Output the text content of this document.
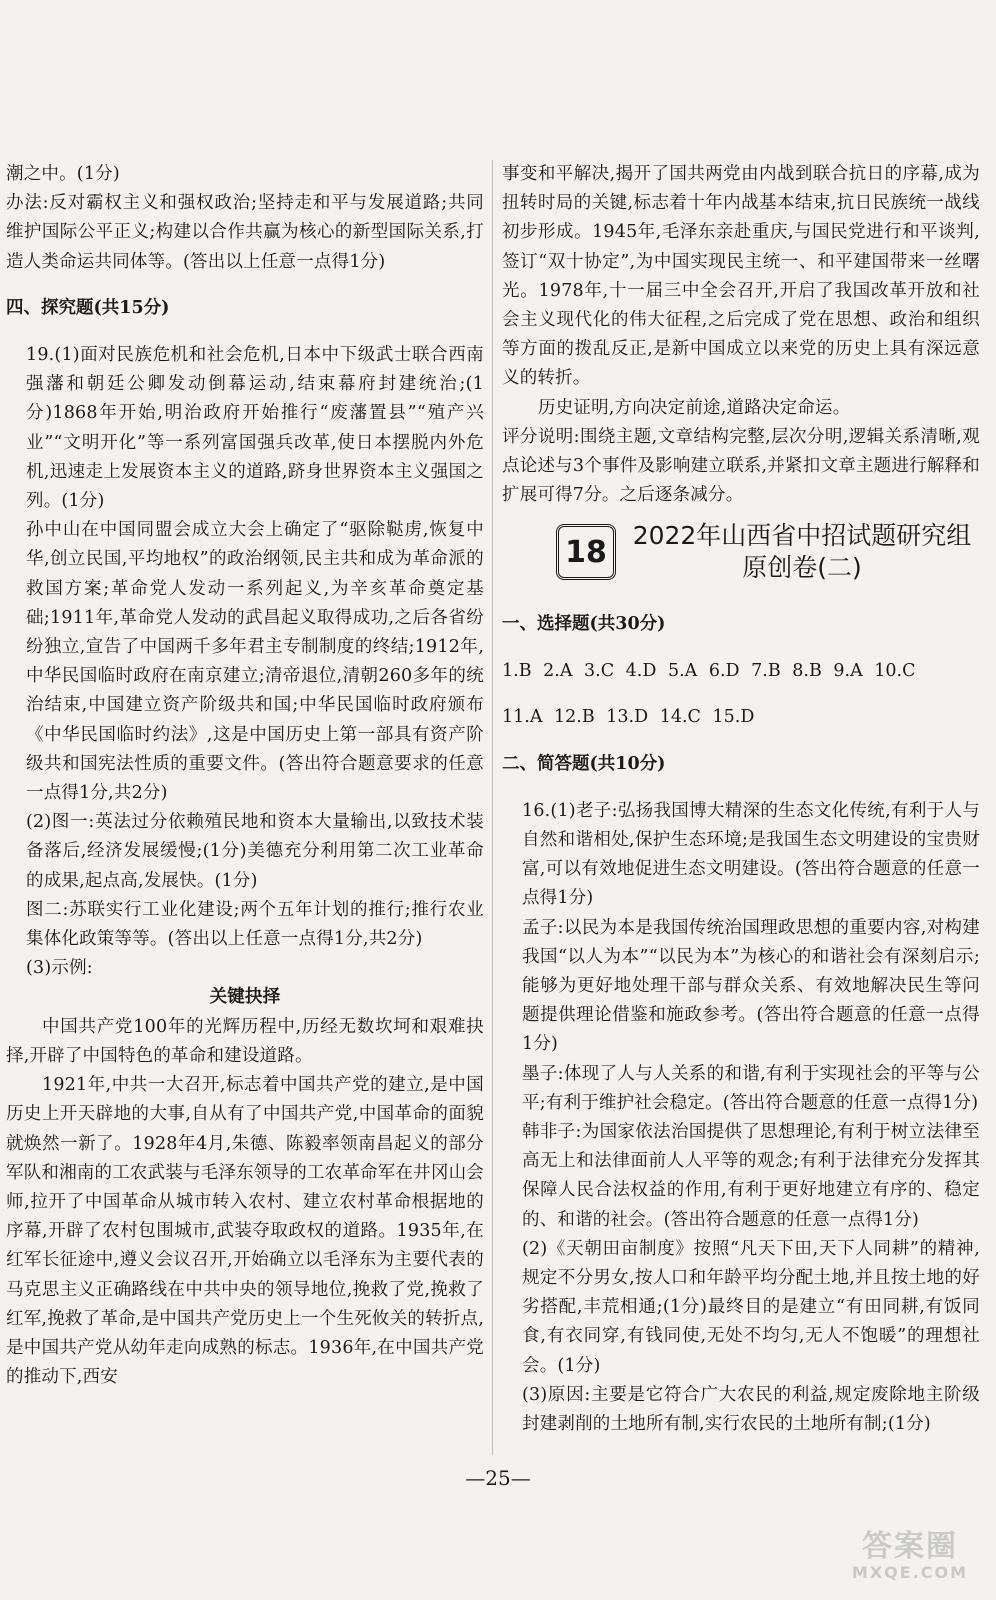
潮之中。(1分)

办法:反对霸权主义和强权政治;坚持走和平与发展道路;共同维护国际公平正义;构建以合作共赢为核心的新型国际关系,打造人类命运共同体等。(答出以上任意一点得1分)

四、探究题(共15分)

19.(1)面对民族危机和社会危机,日本中下级武士联合西南强藩和朝廷公卿发动倒幕运动,结束幕府封建统治;(1分)1868年开始,明治政府开始推行“废藩置县”“殖产兴业”“文明开化”等一系列富国强兵改革,使日本摆脱内外危机,迅速走上发展资本主义的道路,跻身世界资本主义强国之列。(1分)

孙中山在中国同盟会成立大会上确定了“驱除鞑虏,恢复中华,创立民国,平均地权”的政治纲领,民主共和成为革命派的救国方案;革命党人发动一系列起义,为辛亥革命奠定基础;1911年,革命党人发动的武昌起义取得成功,之后各省纷纷独立,宣告了中国两千多年君主专制制度的终结;1912年,中华民国临时政府在南京建立;清帝退位,清朝260多年的统治结束,中国建立资产阶级共和国;中华民国临时政府颁布《中华民国临时约法》,这是中国历史上第一部具有资产阶级共和国宪法性质的重要文件。(答出符合题意要求的任意一点得1分,共2分)

(2)图一:英法过分依赖殖民地和资本大量输出,以致技术装备落后,经济发展缓慢;(1分)美德充分利用第二次工业革命的成果,起点高,发展快。(1分)

图二:苏联实行工业化建设;两个五年计划的推行;推行农业集体化政策等等。(答出以上任意一点得1分,共2分)

(3)示例:

关键抉择

中国共产党100年的光辉历程中,历经无数坎坷和艰难抉择,开辟了中国特色的革命和建设道路。

1921年,中共一大召开,标志着中国共产党的建立,是中国历史上开天辟地的大事,自从有了中国共产党,中国革命的面貌就焕然一新了。1928年4月,朱德、陈毅率领南昌起义的部分军队和湘南的工农武装与毛泽东领导的工农革命军在井冈山会师,拉开了中国革命从城市转入农村、建立农村革命根据地的序幕,开辟了农村包围城市,武装夺取政权的道路。1935年,在红军长征途中,遵义会议召开,开始确立以毛泽东为主要代表的马克思主义正确路线在中共中央的领导地位,挽救了党,挽救了红军,挽救了革命,是中国共产党历史上一个生死攸关的转折点,是中国共产党从幼年走向成熟的标志。1936年,在中国共产党的推动下,西安

事变和平解决,揭开了国共两党由内战到联合抗日的序幕,成为扭转时局的关键,标志着十年内战基本结束,抗日民族统一战线初步形成。1945年,毛泽东亲赴重庆,与国民党进行和平谈判,签订“双十协定”,为中国实现民主统一、和平建国带来一丝曙光。1978年,十一届三中全会召开,开启了我国改革开放和社会主义现代化的伟大征程,之后完成了党在思想、政治和组织等方面的拨乱反正,是新中国成立以来党的历史上具有深远意义的转折。

历史证明,方向决定前途,道路决定命运。

评分说明:围绕主题,文章结构完整,层次分明,逻辑关系清晰,观点论述与3个事件及影响建立联系,并紧扣文章主题进行解释和扩展可得7分。之后逐条减分。

18	2022年山西省中招试题研究组
原创卷(二)

一、选择题(共30分)

1.B 2.A 3.C 4.D 5.A 6.D 7.B 8.B 9.A 10.C

11.A 12.B 13.D 14.C 15.D

二、简答题(共10分)

16.(1)老子:弘扬我国博大精深的生态文化传统,有利于人与自然和谐相处,保护生态环境;是我国生态文明建设的宝贵财富,可以有效地促进生态文明建设。(答出符合题意的任意一点得1分)

孟子:以民为本是我国传统治国理政思想的重要内容,对构建我国“以人为本”“以民为本”为核心的和谐社会有深刻启示;能够为更好地处理干部与群众关系、有效地解决民生等问题提供理论借鉴和施政参考。(答出符合题意的任意一点得1分)

墨子:体现了人与人关系的和谐,有利于实现社会的平等与公平;有利于维护社会稳定。(答出符合题意的任意一点得1分)

韩非子:为国家依法治国提供了思想理论,有利于树立法律至高无上和法律面前人人平等的观念;有利于法律充分发挥其保障人民合法权益的作用,有利于更好地建立有序的、稳定的、和谐的社会。(答出符合题意的任意一点得1分)

(2)《天朝田亩制度》按照“凡天下田,天下人同耕”的精神,规定不分男女,按人口和年龄平均分配土地,并且按土地的好劣搭配,丰荒相通;(1分)最终目的是建立“有田同耕,有饭同食,有衣同穿,有钱同使,无处不均匀,无人不饱暖”的理想社会。(1分)

(3)原因:主要是它符合广大农民的利益,规定废除地主阶级封建剥削的土地所有制,实行农民的土地所有制;(1分)

—25—
答案圈
MXQE.COM
